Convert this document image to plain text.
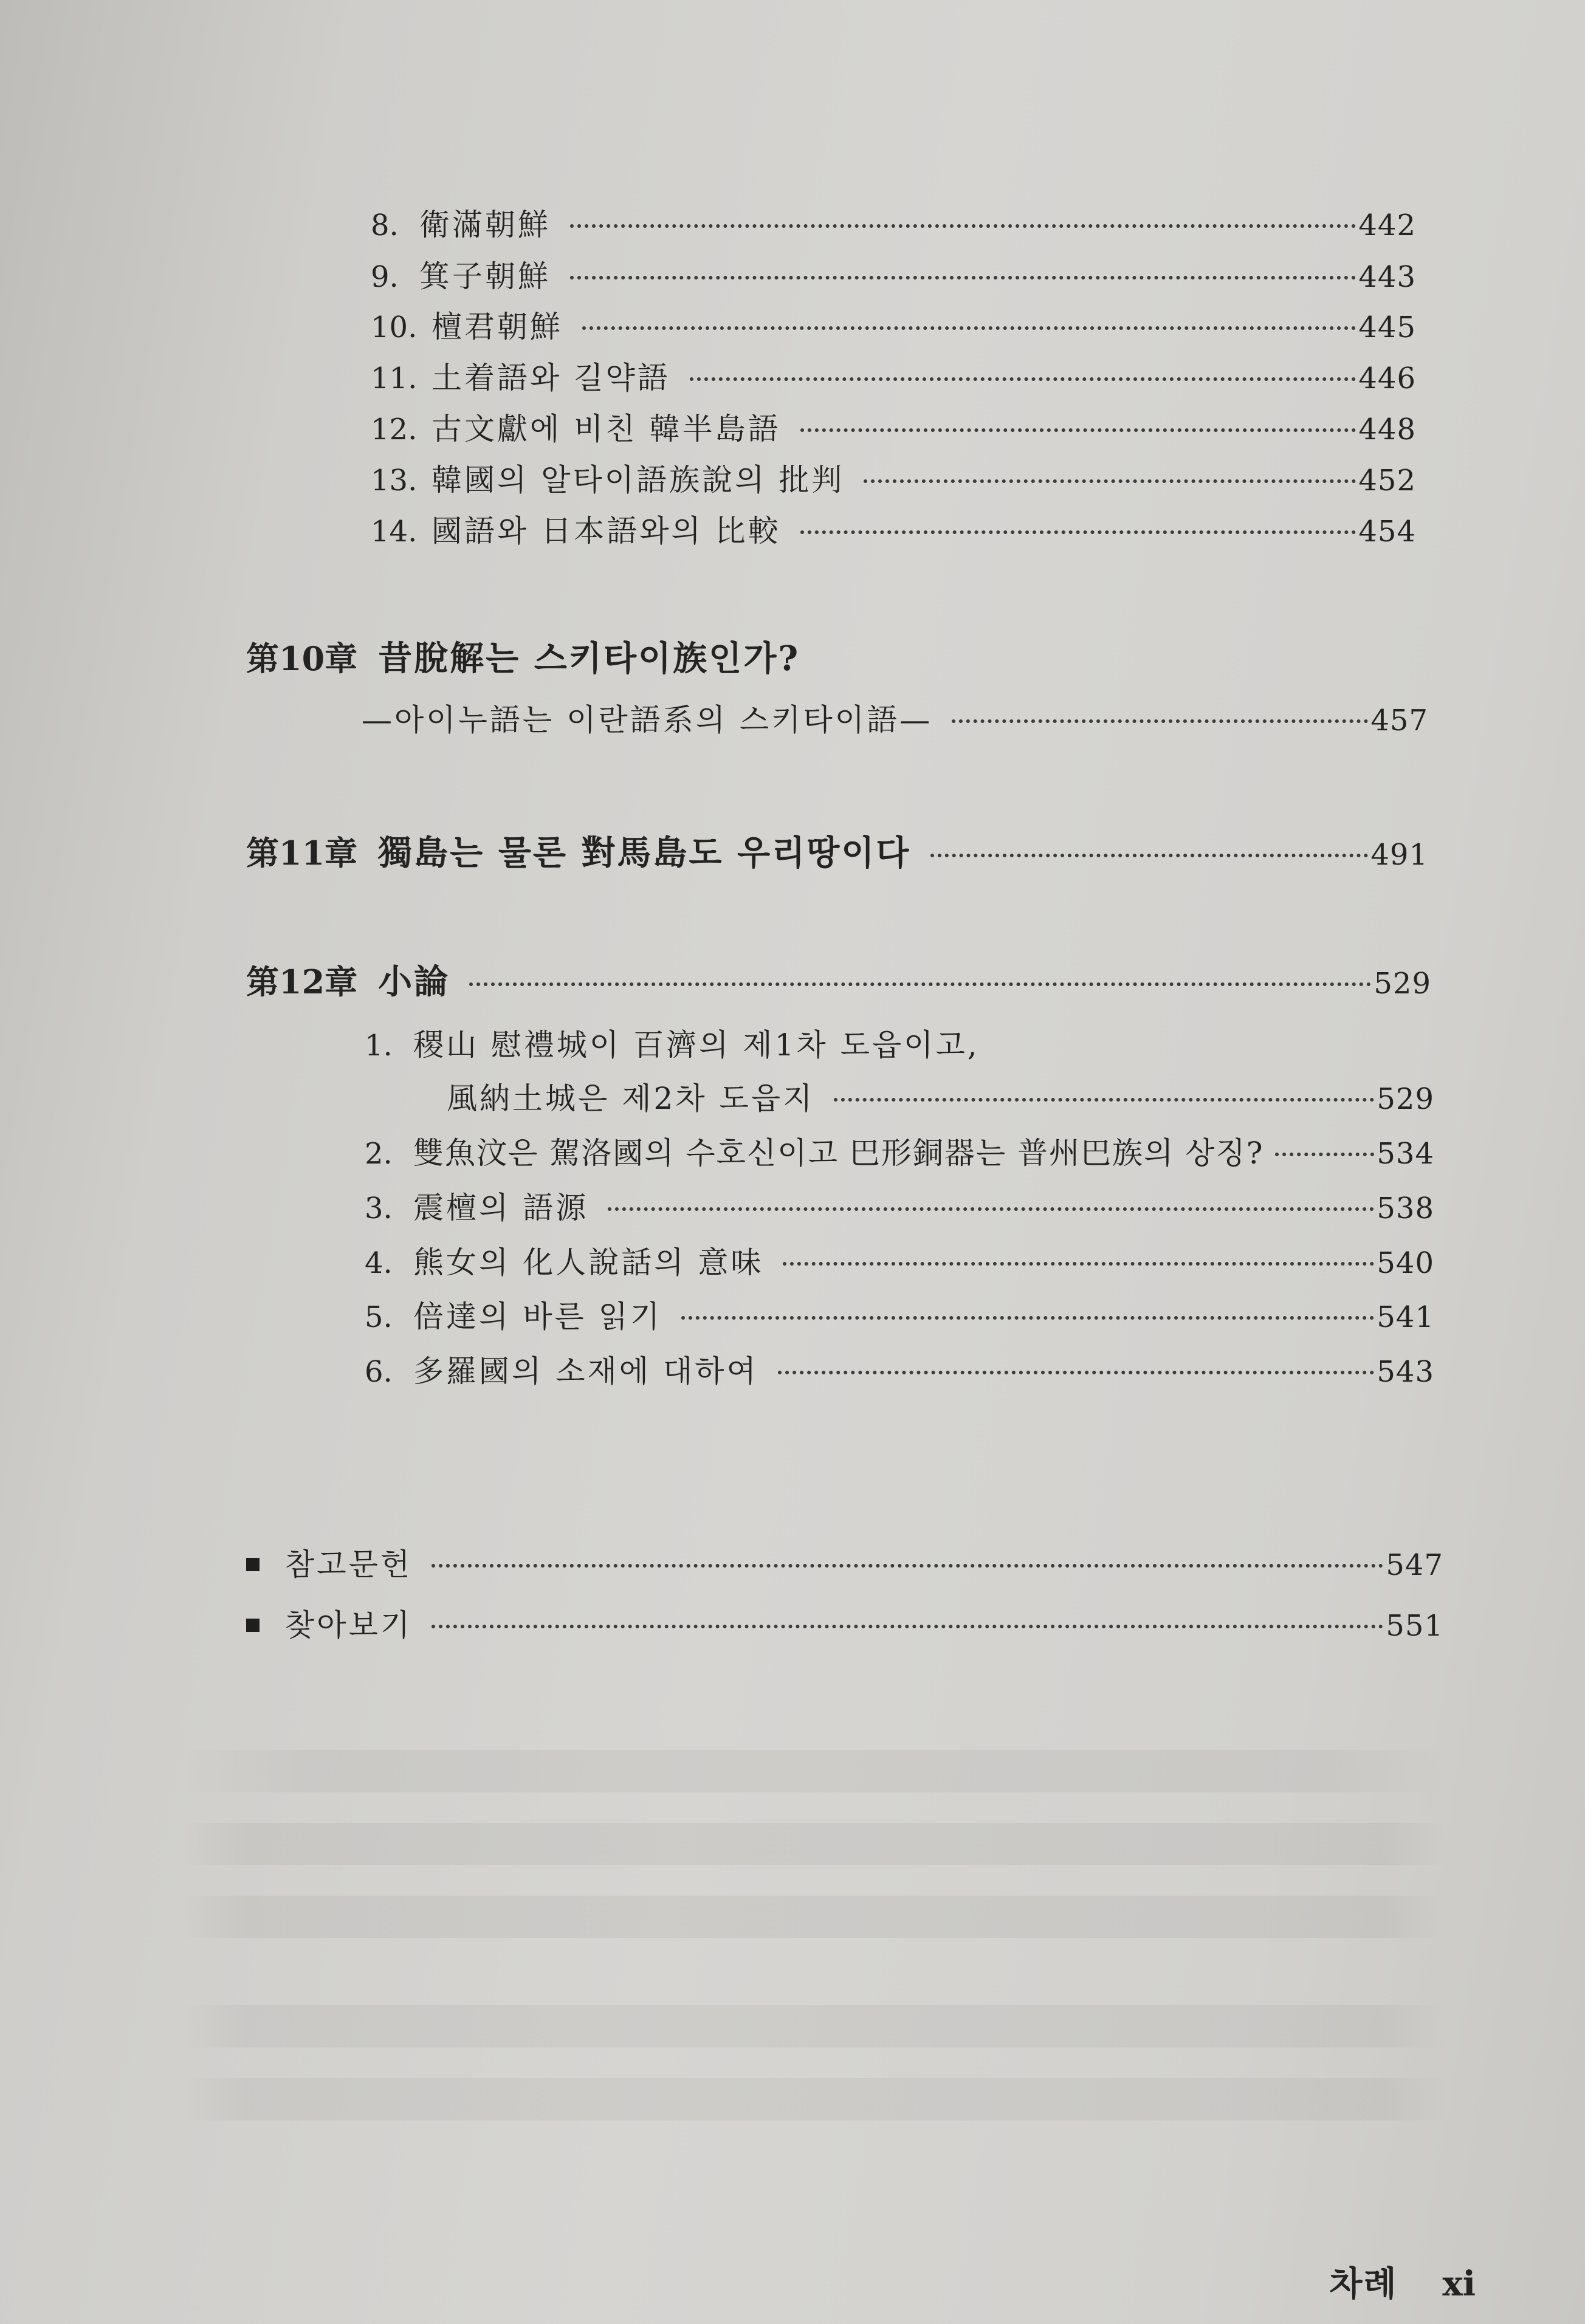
8. 衛滿朝鮮	442
9. 箕子朝鮮	443
10. 檀君朝鮮	445
11. 土着語와 길약語	446
12. 古文獻에 비친 韓半島語	448
13. 韓國의 알타이語族說의 批判	452
14. 國語와 日本語와의 比較	454
第10章 昔脫解는 스키타이族인가?
—아이누語는 이란語系의 스키타이語—	457
第11章 獨島는 물론 對馬島도 우리땅이다	491
第12章 小論	529
1. 稷山 慰禮城이 百濟의 제1차 도읍이고,
風納土城은 제2차 도읍지	529
2. 雙魚汶은 駕洛國의 수호신이고 巴形銅器는 普州巴族의 상징?	534
3. 震檀의 語源	538
4. 熊女의 化人說話의 意味	540
5. 倍達의 바른 읽기	541
6. 多羅國의 소재에 대하여	543
참고문헌	547
찾아보기	551
차례 xi
